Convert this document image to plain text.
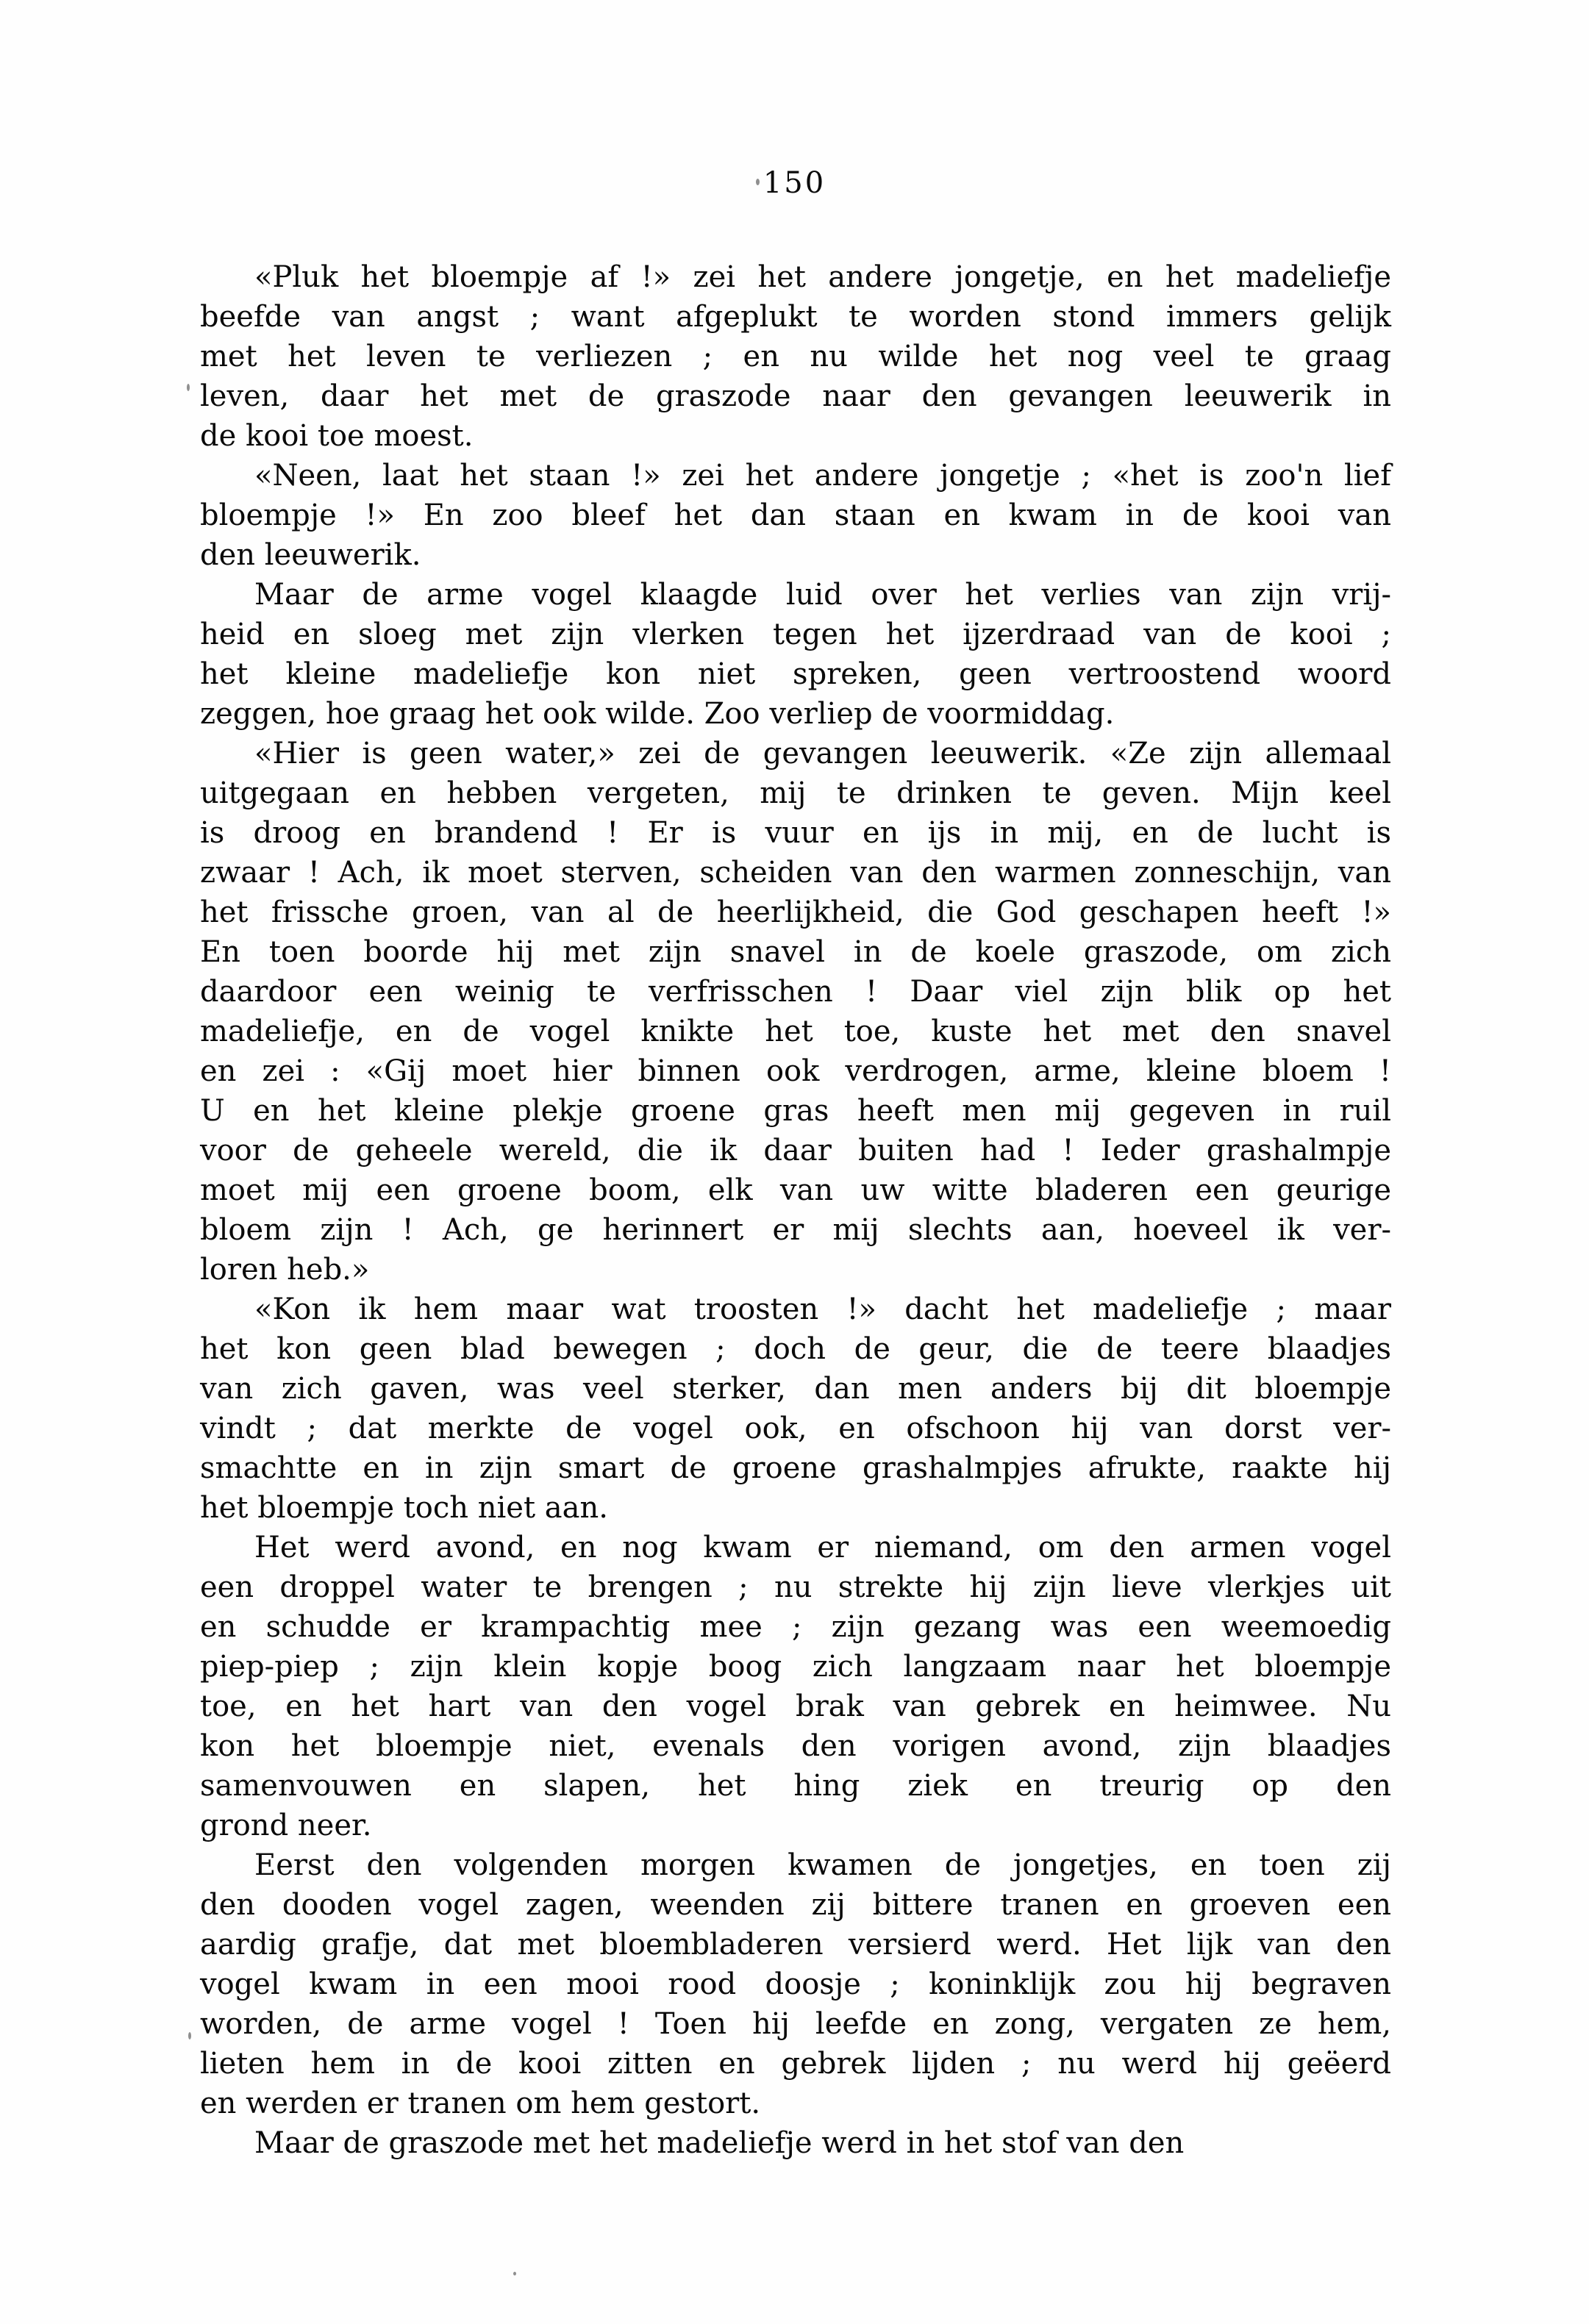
150
«Pluk het bloempje af !» zei het andere jongetje, en het madeliefje
beefde van angst ; want afgeplukt te worden stond immers gelijk
met het leven te verliezen ; en nu wilde het nog veel te graag
leven, daar het met de graszode naar den gevangen leeuwerik in
de kooi toe moest.
«Neen, laat het staan !» zei het andere jongetje ; «het is zoo'n lief
bloempje !» En zoo bleef het dan staan en kwam in de kooi van
den leeuwerik.
Maar de arme vogel klaagde luid over het verlies van zijn vrij-
heid en sloeg met zijn vlerken tegen het ijzerdraad van de kooi ;
het kleine madeliefje kon niet spreken, geen vertroostend woord
zeggen, hoe graag het ook wilde. Zoo verliep de voormiddag.
«Hier is geen water,» zei de gevangen leeuwerik. «Ze zijn allemaal
uitgegaan en hebben vergeten, mij te drinken te geven. Mijn keel
is droog en brandend ! Er is vuur en ijs in mij, en de lucht is
zwaar ! Ach, ik moet sterven, scheiden van den warmen zonneschijn, van
het frissche groen, van al de heerlijkheid, die God geschapen heeft !»
En toen boorde hij met zijn snavel in de koele graszode, om zich
daardoor een weinig te verfrisschen ! Daar viel zijn blik op het
madeliefje, en de vogel knikte het toe, kuste het met den snavel
en zei : «Gij moet hier binnen ook verdrogen, arme, kleine bloem !
U en het kleine plekje groene gras heeft men mij gegeven in ruil
voor de geheele wereld, die ik daar buiten had ! Ieder grashalmpje
moet mij een groene boom, elk van uw witte bladeren een geurige
bloem zijn ! Ach, ge herinnert er mij slechts aan, hoeveel ik ver-
loren heb.»
«Kon ik hem maar wat troosten !» dacht het madeliefje ; maar
het kon geen blad bewegen ; doch de geur, die de teere blaadjes
van zich gaven, was veel sterker, dan men anders bij dit bloempje
vindt ; dat merkte de vogel ook, en ofschoon hij van dorst ver-
smachtte en in zijn smart de groene grashalmpjes afrukte, raakte hij
het bloempje toch niet aan.
Het werd avond, en nog kwam er niemand, om den armen vogel
een droppel water te brengen ; nu strekte hij zijn lieve vlerkjes uit
en schudde er krampachtig mee ; zijn gezang was een weemoedig
piep-piep ; zijn klein kopje boog zich langzaam naar het bloempje
toe, en het hart van den vogel brak van gebrek en heimwee. Nu
kon het bloempje niet, evenals den vorigen avond, zijn blaadjes
samenvouwen en slapen, het hing ziek en treurig op den
grond neer.
Eerst den volgenden morgen kwamen de jongetjes, en toen zij
den dooden vogel zagen, weenden zij bittere tranen en groeven een
aardig grafje, dat met bloembladeren versierd werd. Het lijk van den
vogel kwam in een mooi rood doosje ; koninklijk zou hij begraven
worden, de arme vogel ! Toen hij leefde en zong, vergaten ze hem,
lieten hem in de kooi zitten en gebrek lijden ; nu werd hij geëerd
en werden er tranen om hem gestort.
Maar de graszode met het madeliefje werd in het stof van den
